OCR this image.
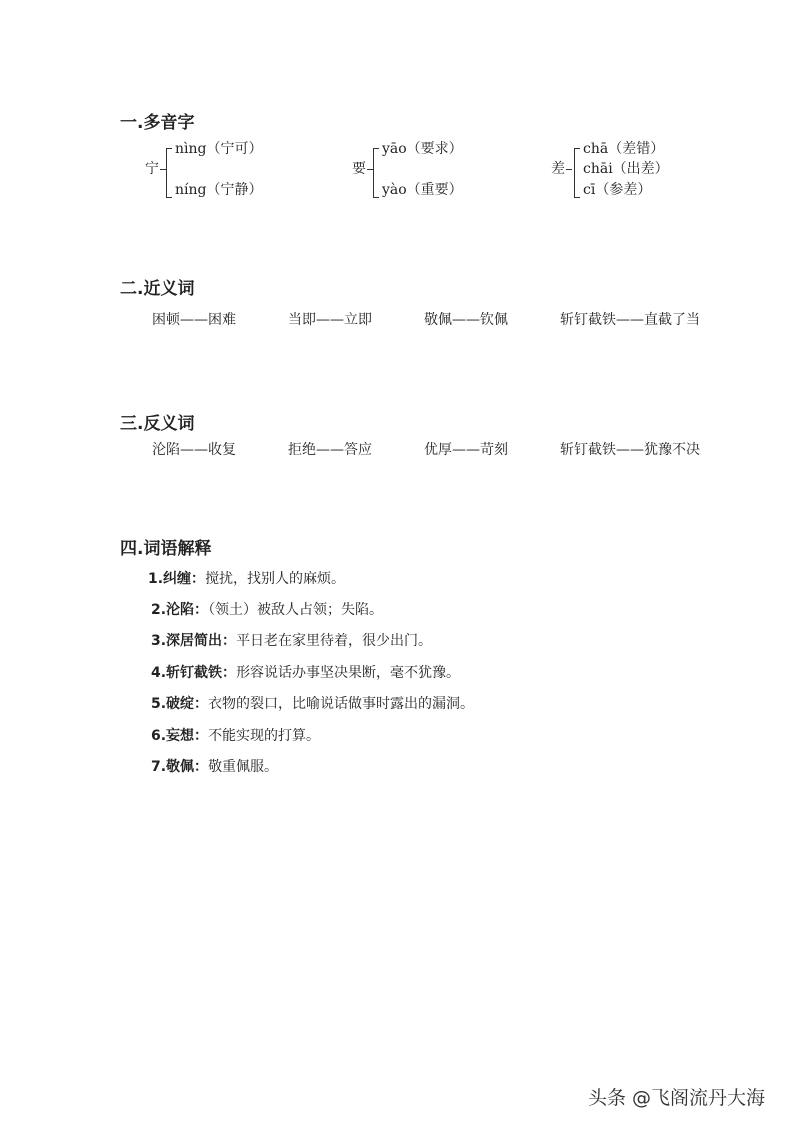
一.多音字
宁
nìng（宁可）
níng（宁静）
要
yāo（要求）
yào（重要）
差
chā（差错）
chāi（出差）
cī（参差）
二.近义词
困顿——困难	当即——立即	敬佩——钦佩	斩钉截铁——直截了当
三.反义词
沦陷——收复	拒绝——答应	优厚——苛刻	斩钉截铁——犹豫不决
四.词语解释
1.纠缠：搅扰，找别人的麻烦。
2.沦陷：（领土）被敌人占领；失陷。
3.深居简出：平日老在家里待着，很少出门。
4.斩钉截铁：形容说话办事坚决果断，毫不犹豫。
5.破绽：衣物的裂口，比喻说话做事时露出的漏洞。
6.妄想：不能实现的打算。
7.敬佩：敬重佩服。
头条 @飞阁流丹大海
